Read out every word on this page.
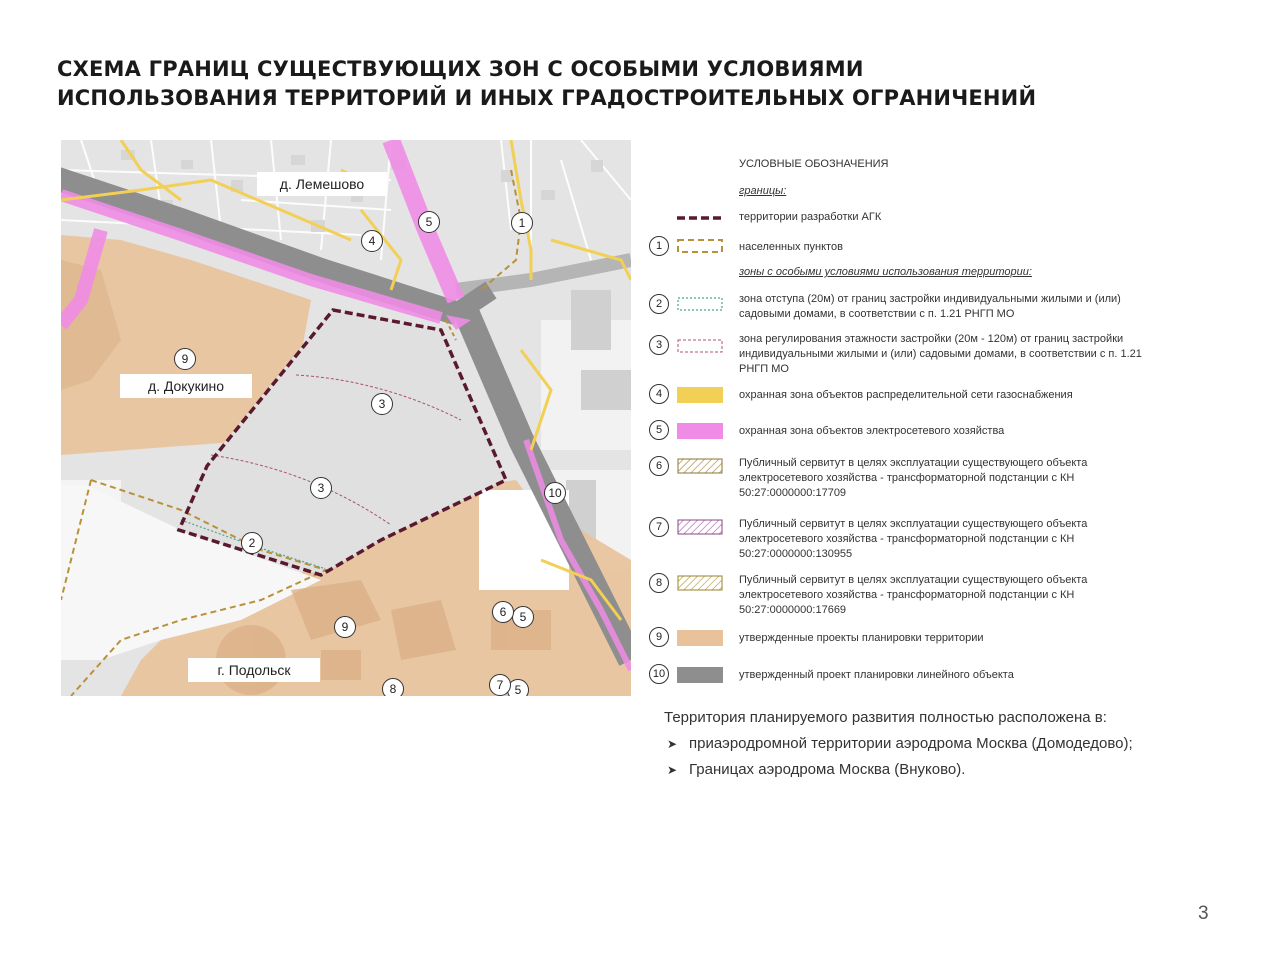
СХЕМА ГРАНИЦ СУЩЕСТВУЮЩИХ ЗОН С ОСОБЫМИ УСЛОВИЯМИ
ИСПОЛЬЗОВАНИЯ ТЕРРИТОРИЙ И ИНЫХ ГРАДОСТРОИТЕЛЬНЫХ ОГРАНИЧЕНИЙ
д. Лемешово
д. Докукино
г. Подольск
1
2
3
3
4
5
5
5
6
7
8
9
9
10
УСЛОВНЫЕ ОБОЗНАЧЕНИЯ
границы:
территории разработки АГК
1	населенных пунктов
зоны с особыми условиями использования территории:
2	зона отступа (20м) от границ застройки индивидуальными жилыми и (или) садовыми домами, в соответствии с п. 1.21 РНГП МО
3	зона регулирования этажности застройки (20м - 120м) от границ застройки индивидуальными жилыми и (или) садовыми домами, в соответствии с п. 1.21 РНГП МО
4	охранная зона объектов распределительной сети газоснабжения
5	охранная зона объектов электросетевого хозяйства
6	Публичный сервитут в целях эксплуатации существующего объекта электросетевого хозяйства - трансформаторной подстанции с КН 50:27:0000000:17709
7	Публичный сервитут в целях эксплуатации существующего объекта электросетевого хозяйства - трансформаторной подстанции с КН 50:27:0000000:130955
8	Публичный сервитут в целях эксплуатации существующего объекта электросетевого хозяйства - трансформаторной подстанции с КН 50:27:0000000:17669
9	утвержденные проекты планировки территории
10	утвержденный проект планировки линейного объекта
Территория планируемого развития полностью расположена в:
➤ приаэродромной территории аэродрома Москва (Домодедово);
➤ Границах аэродрома Москва (Внуково).
3
